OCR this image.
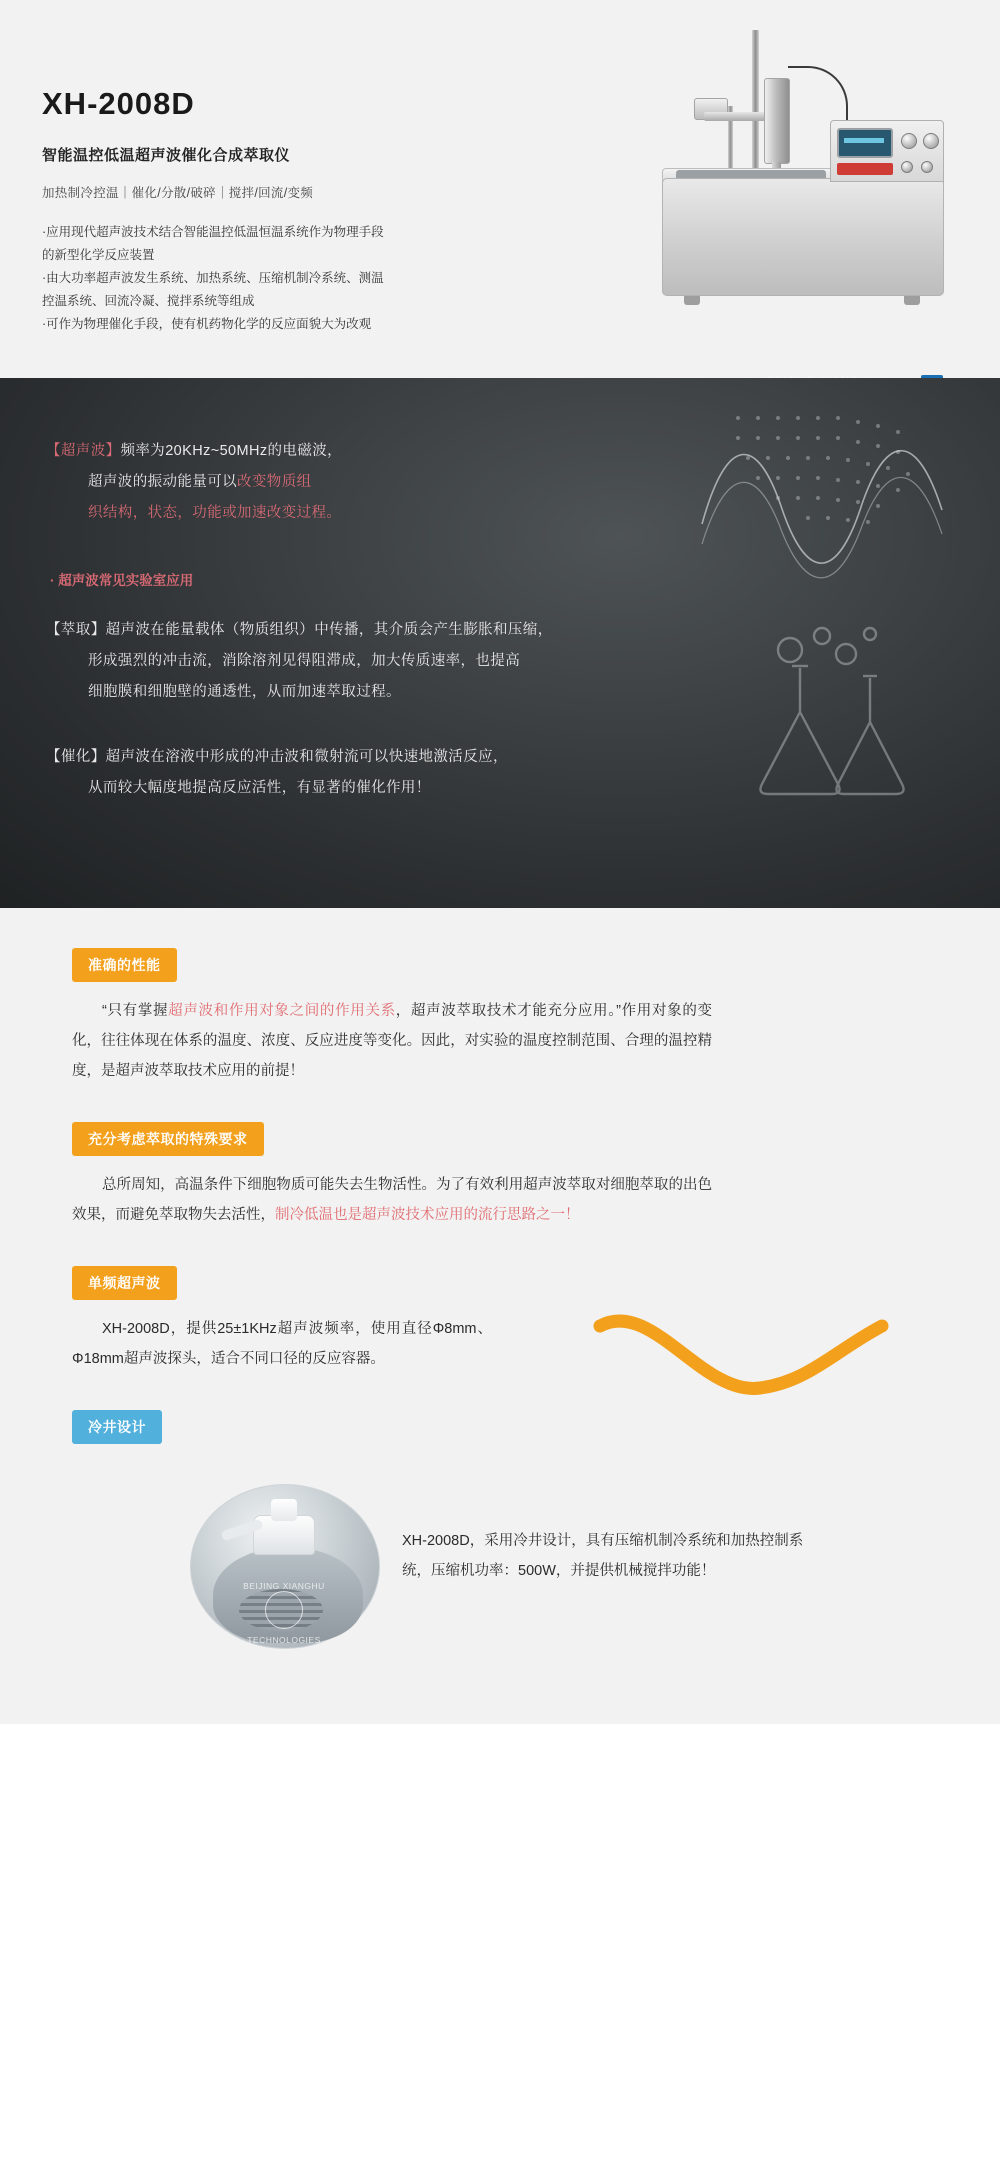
XH-2008D
智能温控低温超声波催化合成萃取仪
加热制冷控温｜催化/分散/破碎｜搅拌/回流/变频
·应用现代超声波技术结合智能温控低温恒温系统作为物理手段
的新型化学反应装置
·由大功率超声波发生系统、加热系统、压缩机制冷系统、测温
控温系统、回流冷凝、搅拌系统等组成
·可作为物理催化手段，使有机药物化学的反应面貌大为改观
【超声波】频率为20KHz~50MHz的电磁波，
超声波的振动能量可以改变物质组
织结构，状态，功能或加速改变过程。
· 超声波常见实验室应用
【萃取】超声波在能量载体（物质组织）中传播，其介质会产生膨胀和压缩，
形成强烈的冲击流，消除溶剂见得阻滞成，加大传质速率，也提高
细胞膜和细胞壁的通透性，从而加速萃取过程。
【催化】超声波在溶液中形成的冲击波和微射流可以快速地激活反应，
从而较大幅度地提高反应活性，有显著的催化作用！
准确的性能
“只有掌握超声波和作用对象之间的作用关系，超声波萃取技术才能充分应用。”作用对象的变化，往往体现在体系的温度、浓度、反应进度等变化。因此，对实验的温度控制范围、合理的温控精度，是超声波萃取技术应用的前提！
充分考虑萃取的特殊要求
总所周知，高温条件下细胞物质可能失去生物活性。为了有效利用超声波萃取对细胞萃取的出色效果，而避免萃取物失去活性，制冷低温也是超声波技术应用的流行思路之一！
单频超声波
XH-2008D，提供25±1KHz超声波频率，使用直径Φ8mm、Φ18mm超声波探头，适合不同口径的反应容器。
冷井设计
BEIJING XIANGHU
TECHNOLOGIES
XH-2008D，采用冷井设计，具有压缩机制冷系统和加热控制系统，压缩机功率：500W，并提供机械搅拌功能！
